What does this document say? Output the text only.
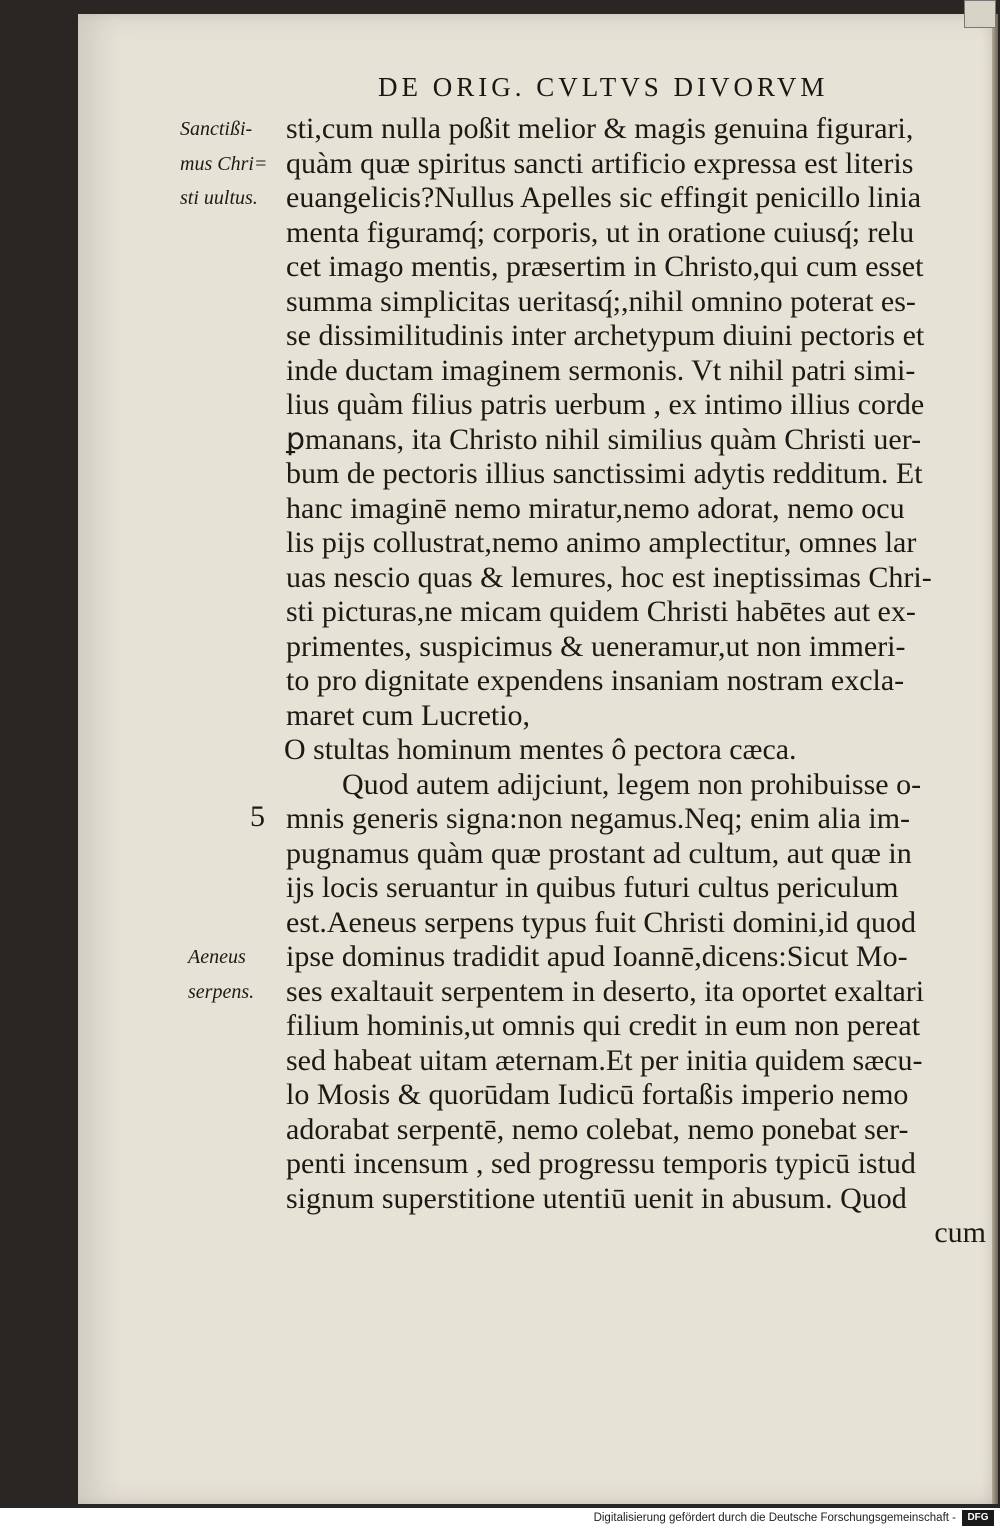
DE ORIG. CVLTVS DIVORVM
Sanctißi-
mus Chri=
sti uultus.
5
Aeneus
serpens.
sti,cum nulla poßit melior & magis genuina figurari,
quàm quæ spiritus sancti artificio expressa est literis
euangelicis?Nullus Apelles sic effingit penicillo linia
menta figuramq́; corporis, ut in oratione cuiusq́; relu
cet imago mentis, præsertim in Christo,qui cum esset
summa simplicitas ueritasq́;,nihil omnino poterat es-
se dissimilitudinis inter archetypum diuini pectoris et
inde ductam imaginem sermonis. Vt nihil patri simi-
lius quàm filius patris uerbum , ex intimo illius corde
ꝑmanans, ita Christo nihil similius quàm Christi uer-
bum de pectoris illius sanctissimi adytis redditum. Et
hanc imaginē nemo miratur,nemo adorat, nemo ocu
lis pijs collustrat,nemo animo amplectitur, omnes lar
uas nescio quas & lemures, hoc est ineptissimas Chri-
sti picturas,ne micam quidem Christi habētes aut ex-
primentes, suspicimus & ueneramur,ut non immeri-
to pro dignitate expendens insaniam nostram excla-
maret cum Lucretio,
O stultas hominum mentes ô pectora cæca.
Quod autem adijciunt, legem non prohibuisse o-
mnis generis signa:non negamus.Neq; enim alia im-
pugnamus quàm quæ prostant ad cultum, aut quæ in
ijs locis seruantur in quibus futuri cultus periculum
est.Aeneus serpens typus fuit Christi domini,id quod
ipse dominus tradidit apud Ioannē,dicens:Sicut Mo-
ses exaltauit serpentem in deserto, ita oportet exaltari
filium hominis,ut omnis qui credit in eum non pereat
sed habeat uitam æternam.Et per initia quidem sæcu-
lo Mosis & quorūdam Iudicū fortaßis imperio nemo
adorabat serpentē, nemo colebat, nemo ponebat ser-
penti incensum , sed progressu temporis typicū istud
signum superstitione utentiū uenit in abusum. Quod
cum
Digitalisierung gefördert durch die Deutsche Forschungsgemeinschaft -	DFG
